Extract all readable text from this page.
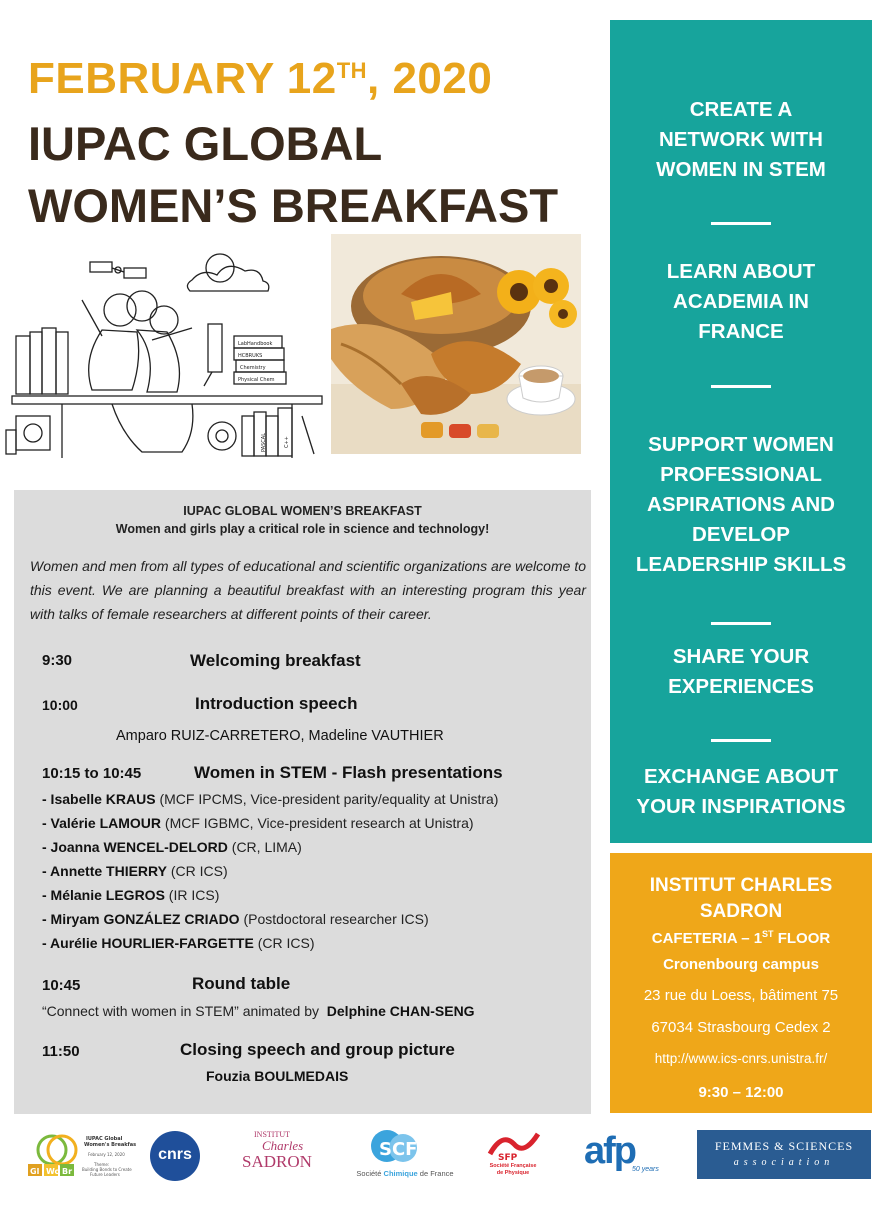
FEBRUARY 12TH, 2020
IUPAC GLOBAL
WOMEN’S BREAKFAST
LabHandbook
HCBRUKS
Chemistry
Physical Chem
PASCAL	C++
IUPAC GLOBAL WOMEN’S BREAKFAST
Women and girls play a critical role in science and technology!
Women and men from all types of educational and scientific organizations are welcome to this event. We are planning a beautiful breakfast with an interesting program this year with talks of female researchers at different points of their career.
9:30	Welcoming breakfast
10:00	Introduction speech
Amparo RUIZ-CARRETERO, Madeline VAUTHIER
10:15 to 10:45	Women in STEM - Flash presentations
- Isabelle KRAUS (MCF IPCMS, Vice-president parity/equality at Unistra)
- Valérie LAMOUR (MCF IGBMC, Vice-president research at Unistra)
- Joanna WENCEL-DELORD (CR, LIMA)
- Annette THIERRY (CR ICS)
- Mélanie LEGROS (IR ICS)
- Miryam GONZÁLEZ CRIADO (Postdoctoral researcher ICS)
- Aurélie HOURLIER-FARGETTE (CR ICS)
10:45	Round table
“Connect with women in STEM” animated by Delphine CHAN-SENG
11:50	Closing speech and group picture
Fouzia BOULMEDAIS
CREATE A
NETWORK WITH
WOMEN IN STEM
LEARN ABOUT
ACADEMIA IN
FRANCE
SUPPORT WOMEN
PROFESSIONAL
ASPIRATIONS AND
DEVELOP
LEADERSHIP SKILLS
SHARE YOUR
EXPERIENCES
EXCHANGE ABOUT
YOUR INSPIRATIONS
INSTITUT CHARLES
SADRON
CAFETERIA – 1ST FLOOR
Cronenbourg campus
23 rue du Loess, bâtiment 75
67034 Strasbourg Cedex 2
http://www.ics-cnrs.unistra.fr/
9:30 – 12:00
Gl Wo Br
IUPAC Global
Women's Breakfast
February 12, 2020
Theme:
Building Bonds to Create
Future Leaders
cnrs
INSTITUT
Charles
SADRON
SCF
Société Chimique de France
SFP
Société Française
de Physique
afp
50 years
FEMMES & SCIENCES
association
